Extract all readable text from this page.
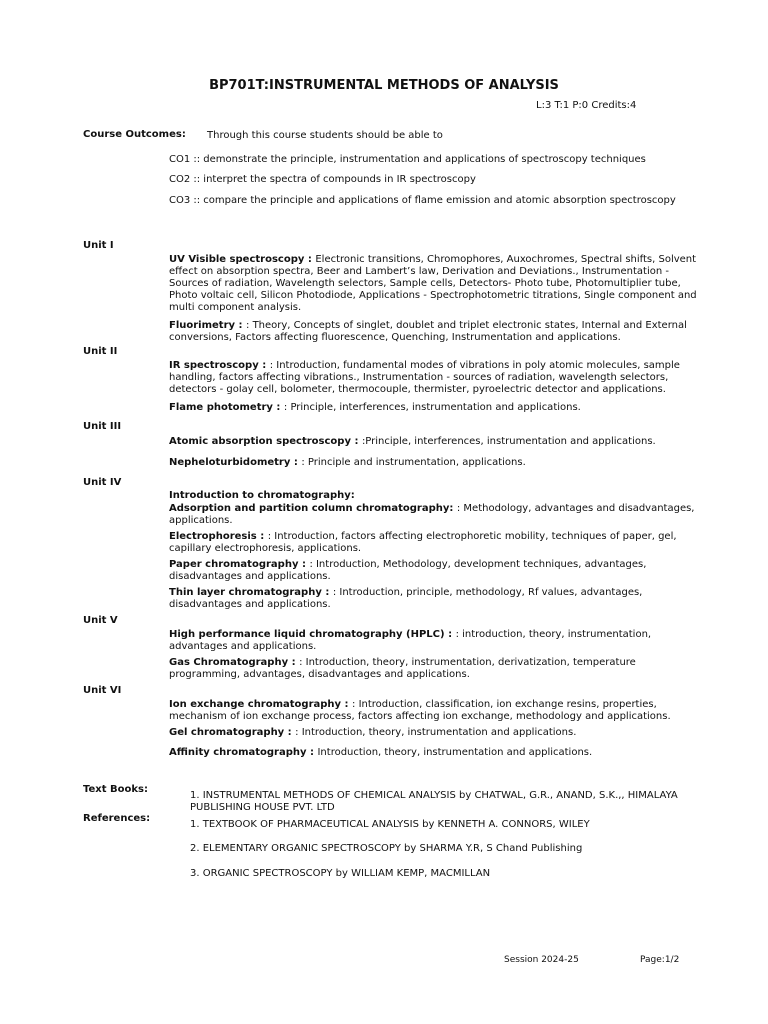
BP701T:INSTRUMENTAL METHODS OF ANALYSIS
L:3 T:1 P:0 Credits:4
Course Outcomes: Through this course students should be able to
CO1 :: demonstrate the principle, instrumentation and applications of spectroscopy techniques
CO2 :: interpret the spectra of compounds in IR spectroscopy
CO3 :: compare the principle and applications of flame emission and atomic absorption spectroscopy
Unit I
UV Visible spectroscopy : Electronic transitions, Chromophores, Auxochromes, Spectral shifts, Solvent effect on absorption spectra, Beer and Lambert’s law, Derivation and Deviations., Instrumentation - Sources of radiation, Wavelength selectors, Sample cells, Detectors- Photo tube, Photomultiplier tube, Photo voltaic cell, Silicon Photodiode, Applications - Spectrophotometric titrations, Single component and multi component analysis.
Fluorimetry : : Theory, Concepts of singlet, doublet and triplet electronic states, Internal and External conversions, Factors affecting fluorescence, Quenching, Instrumentation and applications.
Unit II
IR spectroscopy : : Introduction, fundamental modes of vibrations in poly atomic molecules, sample handling, factors affecting vibrations., Instrumentation - sources of radiation, wavelength selectors, detectors - golay cell, bolometer, thermocouple, thermister, pyroelectric detector and applications.
Flame photometry : : Principle, interferences, instrumentation and applications.
Unit III
Atomic absorption spectroscopy : :Principle, interferences, instrumentation and applications.
Nepheloturbidometry : : Principle and instrumentation, applications.
Unit IV
Introduction to chromatography:
Adsorption and partition column chromatography: : Methodology, advantages and disadvantages, applications.
Electrophoresis : : Introduction, factors affecting electrophoretic mobility, techniques of paper, gel, capillary electrophoresis, applications.
Paper chromatography : : Introduction, Methodology, development techniques, advantages, disadvantages and applications.
Thin layer chromatography : : Introduction, principle, methodology, Rf values, advantages, disadvantages and applications.
Unit V
High performance liquid chromatography (HPLC) : : introduction, theory, instrumentation, advantages and applications.
Gas Chromatography : : Introduction, theory, instrumentation, derivatization, temperature programming, advantages, disadvantages and applications.
Unit VI
Ion exchange chromatography : : Introduction, classification, ion exchange resins, properties, mechanism of ion exchange process, factors affecting ion exchange, methodology and applications.
Gel chromatography : : Introduction, theory, instrumentation and applications.
Affinity chromatography : Introduction, theory, instrumentation and applications.
Text Books:
1. INSTRUMENTAL METHODS OF CHEMICAL ANALYSIS by CHATWAL, G.R., ANAND, S.K.,, HIMALAYA PUBLISHING HOUSE PVT. LTD
References:
1. TEXTBOOK OF PHARMACEUTICAL ANALYSIS by KENNETH A. CONNORS, WILEY
2. ELEMENTARY ORGANIC SPECTROSCOPY by SHARMA Y.R, S Chand Publishing
3. ORGANIC SPECTROSCOPY by WILLIAM KEMP, MACMILLAN
Session 2024-25	Page:1/2
